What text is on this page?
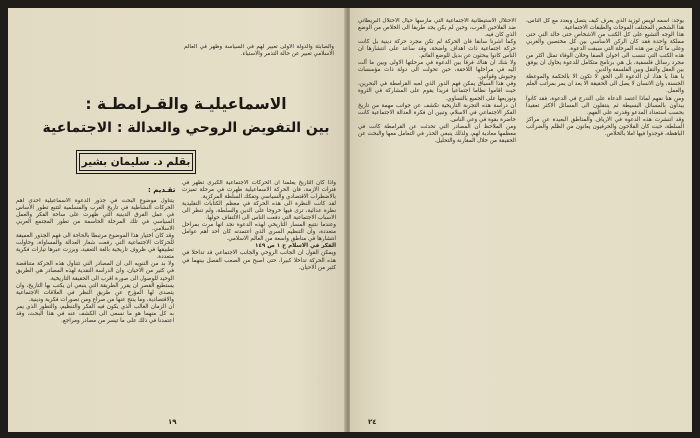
الاسماعيليـة والقـرامطـة :
بين التفويض الروحي والعدالة : الاجتماعية
بقلم د. سليمان بشير

والصابئة والدولة الاولى تعبير لهم في السياسة وظهر في العالم الاسلامي تعبير عن حالة التذمر والاستياء.

تقـديم :

يتناول موضوع البحث في جذور الدعوة الاسماعيلية احدى اهم الحركات النشاطية في تاريخ العرب والمسلمية لتتبع تطور الأساس في عمل الفرق الدينية التي ظهرت على ساحة الفكر والعمل السياسي في تلك المرحلة الحاسمة من تطور المجتمع العربي الاسلامي.

وقد كان اختيار هذا الموضوع مرتبطا بالحاجة الى فهم الجذور العميقة للحركات الاجتماعية التي رفعت شعار العدالة والمساواة، وحاولت تطبيقها في ظروف تاريخية بالغة التعقيد، وبرزت عبرها تيارات فكرية متعددة.

ولا بد من التنويه الى ان المصادر التي تتناول هذه الحركة متناقضة في كثير من الاحيان، وان الدراسة النقدية لهذه المصادر هي الطريق الوحيد للوصول الى صورة اقرب الى الحقيقة التاريخية.

يستطيع القصر ان يقرر الطريقة التي ينبغي ان يكتب بها التاريخ، وان يتصدى لها المؤرخ عن طريق النظر في العلاقات الاجتماعية والاقتصادية، وما ينتج عنها من صراع ومن تصورات فكرية ودينية.

ان الزمان الغالب الذي يكون فيه الفكر والتنظيم، والتطور الذي يمر به كل منهما هو ما نسعى الى الكشف عنه في هذا البحث، وقد اعتمدنا في ذلك على ما تيسر من مصادر ومراجع.

واذا كان التاريخ يعلمنا ان الحركات الاجتماعية الكبرى تظهر في فترات الازمة، فان الحركة الاسماعيلية ظهرت في مرحلة تميزت بالاضطراب الاقتصادي والسياسي وتفكك السلطة المركزية.

لقد كانت النظرة الى هذه الحركة في معظم الكتابات التقليدية نظرة عدائية، ترى فيها خروجا على الدين والسلطة، ولم تنظر الى الاسباب الاجتماعية التي دفعت الناس الى الالتفاف حولها.

وعندما نتتبع المسار التاريخي لهذه الدعوة نجد انها مرت بمراحل متعددة، وان التنظيم السري الذي اعتمدته كان احد اهم عوامل انتشارها في مناطق واسعة من العالم الاسلامي.

الفكر في الاسلام ج ١ ص ١٤٩

ويمكن القول ان الجانب الروحي والجانب الاجتماعي قد تداخلا في هذه الحركة تداخلا كبيرا، حتى اصبح من الصعب الفصل بينهما في كثير من الاحيان.

١٩

الاحتلال الاستيطانية الاجتماعية التي مارسها حيال الاحتلال البريطاني ضد الفلاحين العرب، وحين لم يكن يجد طريقا الى الخلاص من الوضع الذي كان فيه.

وكما اشرنا سابقا فان الحركة لم تكن مجرد حركة دينية بل كانت حركة اجتماعية ذات اهداف واضحة، وقد ساعد على انتشارها ان الناس كانوا يبحثون عن بديل للوضع القائم.

ولا شك ان هناك فرقا بين الدعوة في مرحلتها الاولى وبين ما آلت اليه في مراحلها اللاحقة، حين تحولت الى دولة ذات مؤسسات وجيوش وقوانين.

وفي هذا السياق يمكن فهم الدور الذي لعبه القرامطة في البحرين، حيث اقاموا نظاما اجتماعيا فريدا يقوم على المشاركة في الثروة وتوزيعها على الجميع بالتساوي.

ان دراسة هذه التجربة التاريخية تكشف عن جوانب مهمة من تاريخ الفكر الاجتماعي في الاسلام، وتبين ان فكرة العدالة الاجتماعية كانت حاضرة بقوة في وعي الناس.

ومن الملاحظ ان المصادر التي تحدثت عن القرامطة كانت في معظمها معادية لهم، ولذلك ينبغي الحذر في التعامل معها والبحث عن الحقيقة من خلال المقارنة والتحليل.

يوجد: اسمه لويس لوزيد الذي يعرف كيف يتصل وبعدد مع كل الناس، هذا الشخص المختلف الموجات والطبقات الاجتماعية.

هذا الوجه التشيع على كل الكتب من الاشخاص حتى خالد التي حتى مملكة واحدة فقد كان الركن الاساسي بين كل مختصين والغربي وعلى ما كان من هذه المرحلة التي سبقت الدعوة.

هذه الكتب التي تنسب الى اخوان الصفا وخلان الوفاء تمثل اكثر من مجرد رسائل فلسفية، بل هي برنامج متكامل للدعوة يحاول ان يوفق بين العقل والنقل وبين الفلسفة والدين.

يا هذا يا هذا، ان الدعوة الى الحق لا تكون الا بالحكمة والموعظة الحسنة، وان الانسان لا يصل الى الحقيقة الا بعد ان يمر بمراتب العلم والعمل.

ومن هنا نفهم لماذا اعتمد الدعاة على التدرج في الدعوة، فقد كانوا يبدأون بالمسائل البسيطة ثم ينتقلون الى المسائل الاكثر تعقيدا بحسب استعداد المدعو وقدرته على الفهم.

وقد انتشرت هذه الدعوة في الارياف والمناطق البعيدة عن مراكز السلطة، حيث كان الفلاحون والحرفيون يعانون من الظلم والضرائب الباهظة، فوجدوا فيها املا بالخلاص.

٢٤
